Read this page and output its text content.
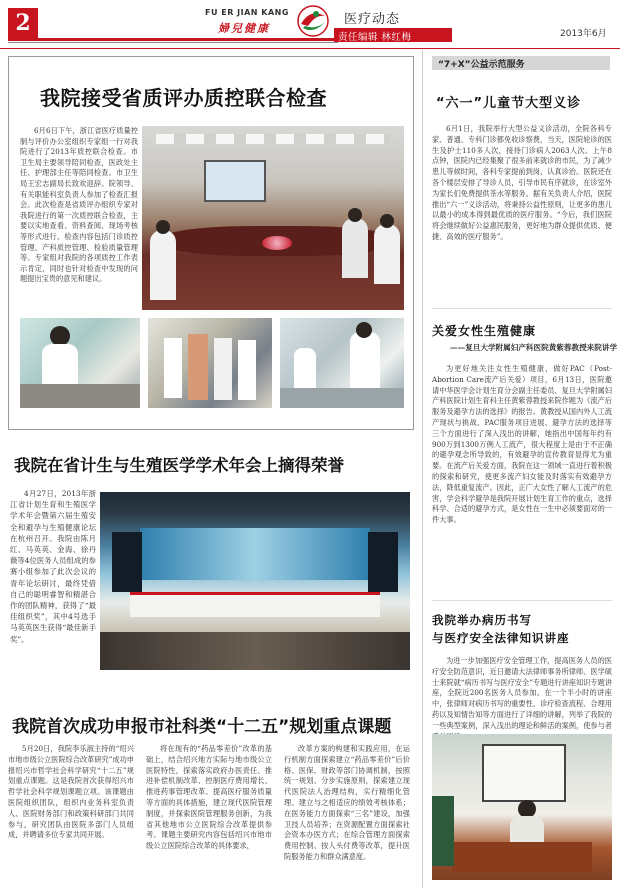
2	FU ER JIAN KANG
婦兒健康
医疗动态
责任编辑 林红梅	2013年6月
我院接受省质评办质控联合检查
6月6日下午，浙江省医疗质量控制与评价办公室组织专家组一行对我院进行了2013年质控联合检查。市卫生局主要领导陪同检查，医政处主任、护理部主任等陪同检查。市卫生局王宏志副局长致欢迎辞。院领导、有关职能科室负责人参加了检查汇报会。此次检查是省质评办组织专家对我院进行的第一次质控联合检查，主要以实地查看、资料查阅、现场考核等形式进行。检查内容包括门诊质控管理、产科质控管理、检验质量管理等。专家组对我院的各项质控工作表示肯定，同时也针对检查中发现的问题提出宝贵的意见和建议。
我院在省计生与生殖医学学术年会上摘得荣誉
4月27日，2013年浙江省计划生育和生殖医学学术年会暨第六届生殖安全和避孕与生殖健康论坛在杭州召开。我院由陈月红、马英英、金海、徐丹薇等4位医务人员组成的参赛小组参加了此次会议的青年论坛研讨，最终凭借自己的聪明睿智和精湛合作的团队精神，获得了“最佳组织奖”，其中4号选手马英英医生获得“最佳新手奖”。
我院首次成功申报市社科类“十二五”规划重点课题
5月20日，我院李乐淑主持的“绍兴市地市级公立医院综合改革研究”成功申报绍兴市哲学社会科学研究“十二五”规划重点课题。这是我院首次获得绍兴市哲学社会科学规划课题立项。该课题由医院组织团队，组织内业务科室负责人、医院财务部门和政策科研部门共同参与，研究团队由医院多部门人员组成，并聘请多位专家共同开展。
将在现有的“药品零差价”改革的基础上，结合绍兴地方实际与地市级公立医院特性，探索落实政府办医责任、推进补偿机制改革、控制医疗费用增长、推进药事管理改革、提高医疗服务质量等方面的具体措施，建立现代医院管理制度，并探索医院管理服务创新，为我省其他地市公立医院综合改革提供参考。课题主要研究内容包括绍兴市地市级公立医院综合改革的具体要求，
改革方案的构建和实践应用，在运行机制方面探索建立“药品零差价”后价格、医保、财政等部门协调机制，按照统一规划、分步实施原则，探索建立现代医院法人治理结构，实行精细化管理、建立与之相适应的绩效考核体系；在医务能力方面探索“三名”建设，加强卫技人员培养；在资源配置方面探索社会资本办医方式；在综合管理方面探索费用控制、按人头付费等改革，提升医院服务能力和群众满意度。
“7+X”公益示范服务
“六一”儿童节大型义诊
6月1日，我院举行大型公益义诊活动，全院各科专家、普通、专科门诊都免收诊察费，当天，医院轮诊的医生及护士110多人次，接待门诊病人2063人次。上午8点钟，医院内已经集聚了很多前来就诊的市民，为了减少患儿等候时间，各科专家提前到岗，认真诊治。医院还在各个楼层安排了导诊人员，引导市民有序就诊，在诊室外为家长们免费提供茶水等服务。据有关负责人介绍，医院推出“六一”义诊活动，将秉持公益性原则，让更多的患儿以最小的成本得到最优质的医疗服务。“今后，我们医院将会继续做好公益惠民服务，更好地为群众提供优质、便捷、高效的医疗服务”。
关爱女性生殖健康
——复旦大学附属妇产科医院黄紫蓉教授来院讲学
为更好地关注女性生殖健康，做好PAC（Post-Abortion Care流产后关爱）项目，6月13日，医院邀请中华医学会计划生育分会副主任委员、复旦大学附属妇产科医院计划生育科主任黄紫蓉教授来院作题为《流产后服务及避孕方法的选择》的报告。黄教授从国内外人工流产现状与挑战、PAC服务项目进展、避孕方法的选择等三个方面进行了深入浅出的讲解，她指出中国每年约有900万到1300万例人工流产，很大程度上是由于不正确的避孕观念所导致的，有效避孕的宣传教育显得尤为重要。在流产后关爱方面，我院在这一领域一直进行着积极的探索和研究，使更多流产妇女能及时落实有效避孕方法，降低重复流产。因此，正广大女性了解人工流产的危害，学会科学避孕是我院开展计划生育工作的重点，选择科学、合适的避孕方式，是女性在一生中必须要面对的一件大事。
我院举办病历书写
与医疗安全法律知识讲座
为进一步加强医疗安全管理工作，提高医务人员的医疗安全防范意识，近日邀请大法律师事务所律师、医学硕士来院就“病历书写与医疗安全”专题进行讲座知识专题讲座，全院近200名医务人员参加。在一个半小时的讲座中，张律师对病历书写的重要性、诊疗检查流程、合理用药以及知情告知等方面进行了详细的讲解，列举了我院的一些典型案例，深入浅出的理论和鲜活的案例，使参与者
